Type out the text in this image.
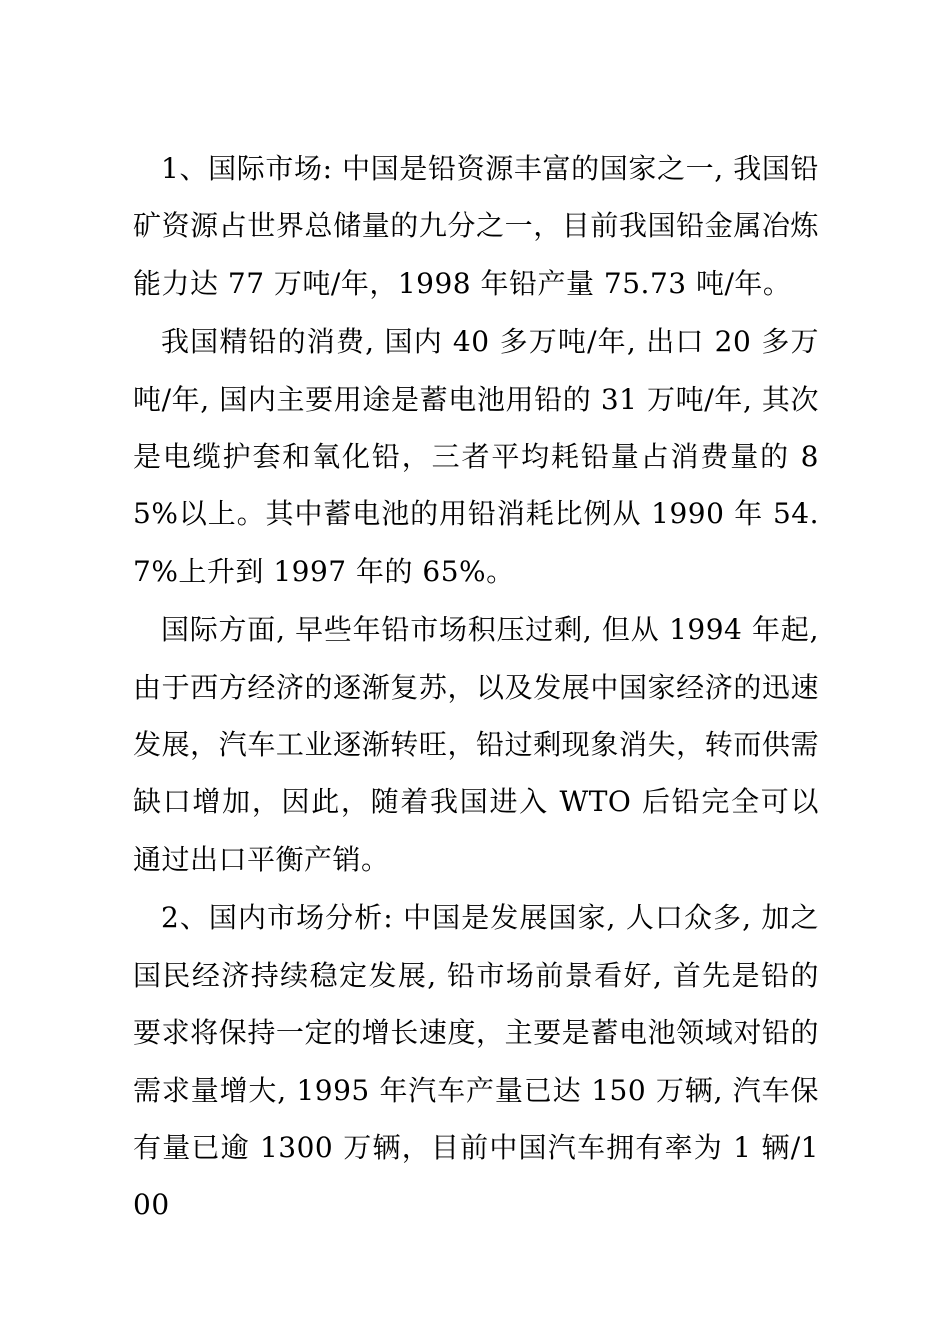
1、国际市场: 中国是铅资源丰富的国家之一, 我国铅矿资源占世界总储量的九分之一，目前我国铅金属冶炼能力达 77 万吨/年，1998 年铅产量 75.73 吨/年。

我国精铅的消费, 国内 40 多万吨/年, 出口 20 多万吨/年, 国内主要用途是蓄电池用铅的 31 万吨/年, 其次是电缆护套和氧化铅，三者平均耗铅量占消费量的 85%以上。其中蓄电池的用铅消耗比例从 1990 年 54.7%上升到 1997 年的 65%。

国际方面, 早些年铅市场积压过剩, 但从 1994 年起, 由于西方经济的逐渐复苏，以及发展中国家经济的迅速发展，汽车工业逐渐转旺，铅过剩现象消失，转而供需缺口增加，因此，随着我国进入 WTO 后铅完全可以通过出口平衡产销。

2、国内市场分析: 中国是发展国家, 人口众多, 加之国民经济持续稳定发展, 铅市场前景看好, 首先是铅的要求将保持一定的增长速度，主要是蓄电池领域对铅的需求量增大, 1995 年汽车产量已达 150 万辆, 汽车保有量已逾 1300 万辆，目前中国汽车拥有率为 1 辆/100
